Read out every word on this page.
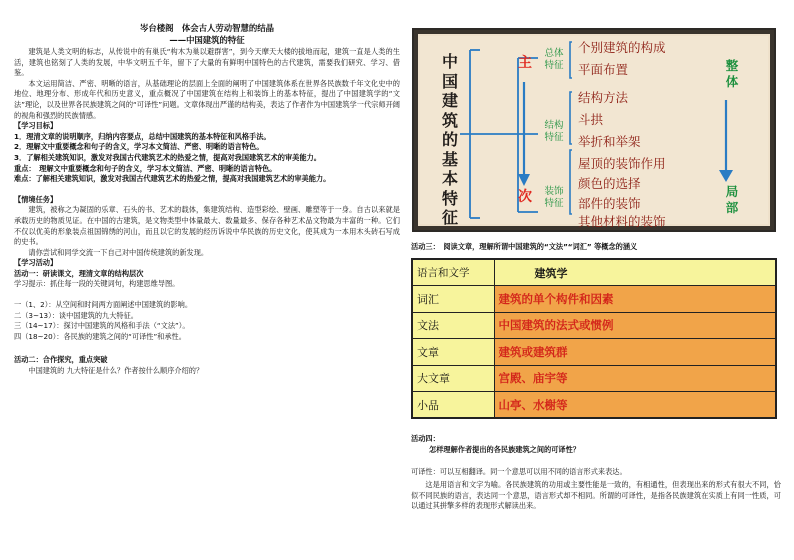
岑台楼阁　体会古人劳动智慧的结晶
——中国建筑的特征
建筑是人类文明的标志，从传说中的有巢氏“构木为巢以避群害”，到今天摩天大楼的拔地而起，建筑一直是人类的生活，建筑也铭刻了人类的发展，中华文明五千年，留下了大量的有鲜明中国特色的古代建筑，需要我们研究、学习、借鉴。
本文运用简洁、严密、明晰的语言，从基础理论的层面上全面的阐明了中国建筑体系在世界各民族数千年文化史中的地位、地理分布、形成年代和历史意义，重点概况了中国建筑在结构上和装饰上的基本特征，提出了中国建筑学的“文法”理论，以及世界各民族建筑之间的“可译性”问题。文章体现出严谨的结构美，表达了作者作为中国建筑学一代宗师开阔的视角和强烈的民族情感。
【学习目标】
1．理清文章的说明顺序，归纳内容要点，总结中国建筑的基本特征和风格手法。
2．理解文中重要概念和句子的含义，学习本文简洁、严密、明晰的语言特色。
3．了解相关建筑知识，激发对我国古代建筑艺术的热爱之情，提高对我国建筑艺术的审美能力。
重点：　理解文中重要概念和句子的含义，学习本文简洁、严密、明晰的语言特色。
难点：了解相关建筑知识，激发对我国古代建筑艺术的热爱之情，提高对我国建筑艺术的审美能力。
【情境任务】
建筑，被称之为凝固的乐章、石头的书、艺术的载体，集建筑结构、造型彩绘、壁画、雕塑等于一身。自古以来就是承载历史的物质见证。在中国的古建筑，是文物类型中体量最大、数量最多、保存各种艺术品文物最为丰富的一种。它们不仅以优美的形象装点祖国锦绣的河山，而且以它的发展的经历诉说中华民族的历史文化，使其成为一本用木头砖石写成的史书。
请你尝试和同学交流一下自己对中国传统建筑的新发现。
【学习活动】
活动一：研读课文，理清文章的结构层次
学习提示：抓住每一段的关键词句，构建思维导图。
一（1、2）：从空间和时间两方面阐述中国建筑的影响。
二（3~13）：谈中国建筑的九大特征。
三（14~17）：探讨中国建筑的风格和手法（“文法”）。
四（18~20）：各民族的建筑之间的“可译性”和承性。
活动二：合作探究，重点突破
中国建筑的 九大特征是什么？作者按什么顺序介绍的？
中
国
建
筑
的
基
本
特
征
主
次
总体特征
结构特征
装饰特征
个别建筑的构成
平面布置
结构方法
斗拱
举折和举架
屋顶的装饰作用
颜色的选择
部件的装饰
其他材料的装饰
整体
局部
活动三：　阅读文章，理解所谓中国建筑的“文法”“词汇” 等概念的涵义
语言和文学	建筑学
词汇	建筑的单个构件和因素
文法	中国建筑的法式或惯例
文章	建筑或建筑群
大文章	宫殿、庙宇等
小品	山亭、水榭等
活动四：
怎样理解作者提出的各民族建筑之间的可译性？
可译性：可以互相翻译。同一个意思可以用不同的语言形式来表达。
这是用语言和文字为喻。各民族建筑的功用或主要性能是一致的，有相通性，但表现出来的形式有很大不同，恰似不同民族的语言，表达同一个意思，语言形式却不相同。所谓的可译性，是指各民族建筑在实质上有同一性质，可以通过其拼擎多样的表现形式解读出来。
